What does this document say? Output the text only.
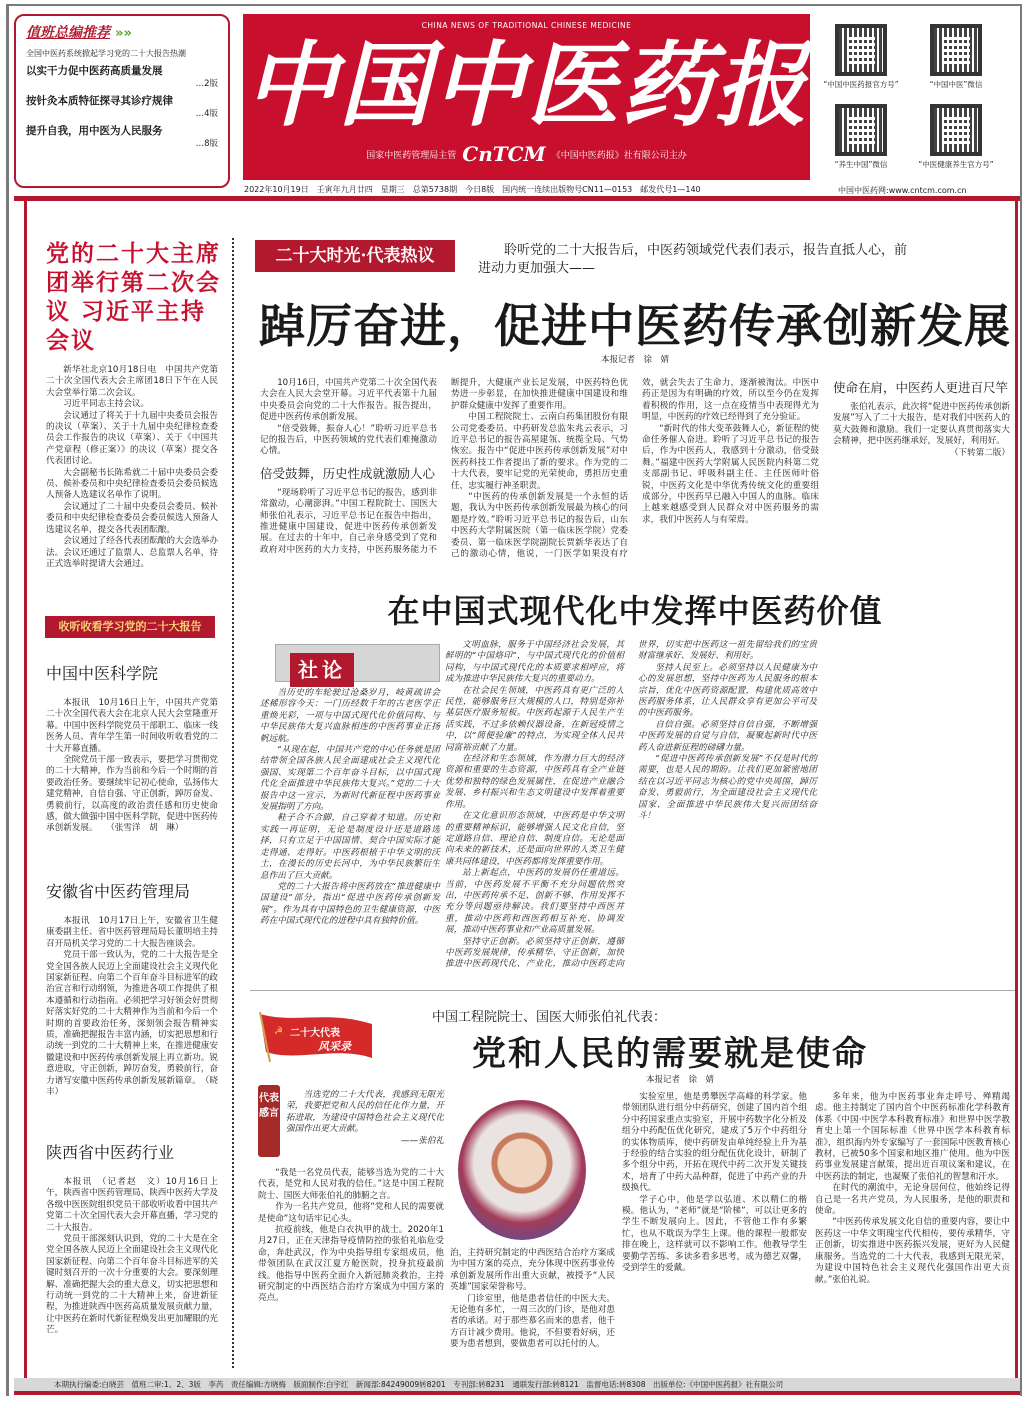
值班总编推荐 »»
全国中医药系统掀起学习党的二十大报告热潮
以实干力促中医药高质量发展
…2版
按针灸本质特征探寻其诊疗规律
…4版
提升自我，用中医为人民服务
…8版
CHINA NEWS OF TRADITIONAL CHINESE MEDICINE
中国中医药报
国家中医药管理局主管 CnTCM 《中国中医药报》社有限公司主办
“中国中医药报官方号”	“中国中医”微信
“养生中国”微信	“中医健康养生官方号”
2022年10月19日　壬寅年九月廿四　星期三　总第5738期　今日8版　国内统一连续出版物号CN11—0153　邮发代号1—140	中国中医药网:www.cntcm.com.cn
党的二十大主席团举行第二次会议 习近平主持会议

新华社北京10月18日电　中国共产党第二十次全国代表大会主席团18日下午在人民大会堂举行第二次会议。

习近平同志主持会议。

会议通过了将关于十九届中央委员会报告的决议（草案）、关于十九届中央纪律检查委员会工作报告的决议（草案）、关于《中国共产党章程（修正案）》的决议（草案）提交各代表团讨论。

大会副秘书长陈希就二十届中央委员会委员、候补委员和中央纪律检查委员会委员候选人预备人选建议名单作了说明。

会议通过了二十届中央委员会委员、候补委员和中央纪律检查委员会委员候选人预备人选建议名单，提交各代表团酝酿。

会议通过了经各代表团酝酿的大会选举办法。会议还通过了监票人、总监票人名单，待正式选举时提请大会通过。

收听收看学习党的二十大报告
中国中医科学院

本报讯　10月16日上午，中国共产党第二十次全国代表大会在北京人民大会堂隆重开幕。中国中医科学院党员干部职工、临床一线医务人员、青年学生第一时间收听收看党的二十大开幕直播。

全院党员干部一致表示，要把学习贯彻党的二十大精神，作为当前和今后一个时期的首要政治任务。要继续牢记初心使命，弘扬伟大建党精神，自信自强、守正创新，踔厉奋发、勇毅前行，以高度的政治责任感和历史使命感，做大做强中国中医科学院，促进中医药传承创新发展。　　（张雪洋　胡　琳）

安徽省中医药管理局

本报讯　10月17日上午，安徽省卫生健康委副主任、省中医药管理局局长董明培主持召开局机关学习党的二十大报告座谈会。

党员干部一致认为，党的二十大报告是全党全国各族人民迈上全面建设社会主义现代化国家新征程、向第二个百年奋斗目标进军的政治宣言和行动纲领，为推进各项工作提供了根本遵循和行动指南。必须把学习好领会好贯彻好落实好党的二十大精神作为当前和今后一个时期的首要政治任务，深刻领会报告精神实质，准确把握报告丰富内涵，切实把思想和行动统一到党的二十大精神上来，在推进健康安徽建设和中医药传承创新发展上再立新功。锐意进取，守正创新，踔厉奋发，勇毅前行，奋力谱写安徽中医药传承创新发展新篇章。　（晓　丰）

陕西省中医药行业

本报讯　（记者赵　文）10月16日上午，陕西省中医药管理局、陕西中医药大学及各级中医医院组织党员干部收听收看中国共产党第二十次全国代表大会开幕直播，学习党的二十大报告。

党员干部深刻认识到，党的二十大是在全党全国各族人民迈上全面建设社会主义现代化国家新征程、向第二个百年奋斗目标进军的关键时刻召开的一次十分重要的大会。要深刻理解、准确把握大会的重大意义，切实把思想和行动统一到党的二十大精神上来，奋进新征程，为推进陕西中医药高质量发展贡献力量，让中医药在新时代新征程焕发出更加耀眼的光芒。

二十大时光·代表热议	聆听党的二十大报告后，中医药领域党代表们表示，报告直抵人心，前进动力更加强大——
踔厉奋进，促进中医药传承创新发展
本报记者　徐　婧

10月16日，中国共产党第二十次全国代表大会在人民大会堂开幕。习近平代表第十九届中央委员会向党的二十大作报告。报告提出，促进中医药传承创新发展。

“倍受鼓舞，振奋人心！”聆听习近平总书记的报告后，中医药领域的党代表们难掩激动心情。

倍受鼓舞，历史性成就激励人心

“现场聆听了习近平总书记的报告，感到非常激动，心潮澎湃。”中国工程院院士、国医大师张伯礼表示，习近平总书记在报告中指出，推进健康中国建设，促进中医药传承创新发展。在过去的十年中，自己亲身感受到了党和政府对中医药的大力支持，中医药服务能力不断提升，大健康产业长足发展，中医药特色优势进一步彰显，在加快推进健康中国建设和维护群众健康中发挥了重要作用。

中国工程院院士、云南白药集团股份有限公司党委委员、中药研发总监朱兆云表示，习近平总书记的报告高屋建瓴、统揽全局、气势恢宏。报告中“促进中医药传承创新发展”对中医药科技工作者提出了新的要求。作为党的二十大代表，要牢记党的光荣使命，勇担历史重任，忠实履行神圣职责。

“中医药的传承创新发展是一个永恒的话题，我认为中医药传承创新发展最为核心的问题是疗效。”聆听习近平总书记的报告后，山东中医药大学附属医院（第一临床医学院）党委委员、第一临床医学院副院长贾新华表达了自己的激动心情，他说，一门医学如果没有疗效，就会失去了生命力，逐渐被淘汰。中医中药正是因为有明确的疗效，所以至今仍在发挥着积极的作用，这一点在疫情当中表现得尤为明显，中医药的疗效已经得到了充分验证。

“新时代的伟大变革鼓舞人心，新征程的使命任务催人奋进。聆听了习近平总书记的报告后，作为中医药人，我感到十分激动，倍受鼓舞。”福建中医药大学附属人民医院内科第二党支部副书记、呼吸科副主任、主任医师叶俗锐，中医药文化是中华优秀传统文化的重要组成部分，中医药早已融入中国人的血脉。临床上越来越感受到人民群众对中医药服务的需求，我们中医药人与有荣焉。

使命在肩，中医药人更进百尺竿

张伯礼表示，此次将“促进中医药传承创新发展”写入了二十大报告，是对我们中医药人的莫大鼓舞和激励。我们一定要认真贯彻落实大会精神，把中医药继承好，发展好，利用好。

（下转第二版）

在中国式现代化中发挥中医药价值
社论

当历史的车轮驶过沧桑岁月，岐黄疏讲会述稀形容今天：一门历经数千年的古老医学正重焕光彩，一项与中国式现代化价值同构、与中华民族伟大复兴血脉相连的中医药事业正扬帆远航。

“从现在起，中国共产党的中心任务就是团结带领全国各族人民全面建成社会主义现代化强国、实现第二个百年奋斗目标，以中国式现代化全面推进中华民族伟大复兴。”党的二十大报告中这一宣示，为新时代新征程中医药事业发展指明了方向。

鞋子合不合脚，自己穿着才知道。历史和实践一再证明，无论是制度设计还是道路选择，只有立足于中国国情、契合中国实际才能走得通、走得好。中医药根植于中华文明的沃土，在漫长的历史长河中，为中华民族繁衍生息作出了巨大贡献。

党的二十大报告将中医药放在“推进健康中国建设”部分，指出“促进中医药传承创新发展”。作为具有中国特色的卫生健康资源，中医药在中国式现代化的进程中具有独特价值。

文明血脉，服务于中国经济社会发展，其鲜明的“中国烙印”，与中国式现代化的价值相同构，与中国式现代化的本质要求相呼应，将成为推进中华民族伟大复兴的重要动力。

在社会民生领域，中医药具有更广泛的人民性，能够服务巨大规模的人口，特别是弥补基层医疗服务短板。中医药起源于人民生产生活实践，不过多依赖仪器设备，在新冠疫情之中，以“简便验廉”的特点，为实现全体人民共同富裕贡献了力量。

在经济和生态领域，作为潜力巨大的经济资源和重要的生态资源，中医药具有全产业链优势和独特的绿色发展属性，在促进产业融合发展、乡村振兴和生态文明建设中发挥着重要作用。

在文化意识形态领域，中医药是中华文明的重要精神标识，能够增强人民文化自信，坚定道路自信、理论自信、制度自信。无论是面向未来的新技术，还是面向世界的人类卫生健康共同体建设，中医药都将发挥重要作用。

站上新起点，中医药的发展仍任重道远。当前，中医药发展不平衡不充分问题依然突出，中医药传承不足、创新不够、作用发挥不充分等问题亟待解决。我们要坚持中西医并重，推动中医药和西医药相互补充、协调发展，推动中医药事业和产业高质量发展。

坚持守正创新。必须坚持守正创新，遵循中医药发展规律，传承精华、守正创新，加快推进中医药现代化、产业化，推动中医药走向世界，切实把中医药这一祖先留给我们的宝贵财富继承好、发展好、利用好。

坚持人民至上。必须坚持以人民健康为中心的发展思想，坚持中医药为人民服务的根本宗旨，优化中医药资源配置，构建优质高效中医药服务体系，让人民群众享有更加公平可及的中医药服务。

自信自强。必须坚持自信自强，不断增强中医药发展的自觉与自信，凝聚起新时代中医药人奋进新征程的磅礴力量。

“促进中医药传承创新发展”不仅是时代的需要，也是人民的期盼。让我们更加紧密地团结在以习近平同志为核心的党中央周围，踔厉奋发、勇毅前行，为全面建设社会主义现代化国家、全面推进中华民族伟大复兴而团结奋斗！

☭ 二十大代表
风采录
中国工程院院士、国医大师张伯礼代表：
党和人民的需要就是使命
本报记者　徐　婧
代表感言

当选党的二十大代表，我感到无限光荣，我要把党和人民的信任化作力量，开拓进取，为建设中国特色社会主义现代化强国作出更大贡献。

——张伯礼

“我是一名党员代表，能够当选为党的二十大代表，是党和人民对我的信任。”这是中国工程院院士、国医大师张伯礼的肺腑之言。

作为一名共产党员，他将“党和人民的需要就是使命”这句话牢记心头。

抗疫前线，他是白衣执甲的战士。2020年1月27日，正在天津指导疫情防控的张伯礼临危受命，奔赴武汉，作为中央指导组专家组成员，他带领团队在武汉江夏方舱医院，投身抗疫最前线。他指导中医药全面介入新冠肺炎救治，主持研究制定的中西医结合治疗方案成为中国方案的亮点。

治，主持研究制定的中西医结合治疗方案成为中国方案的亮点，充分体现中医药事业传承创新发展所作出重大贡献，被授予“人民英雄”国家荣誉称号。

门诊室里，他是患者信任的中医大夫。无论他有多忙，一周三次的门诊，是他对患者的承诺。对于那些慕名而来的患者，他千方百计减少费用。他说，不但要看好病，还要为患者想到，要做患者可以托付的人。

实验室里，他是勇攀医学高峰的科学家。他带领团队进行组分中药研究，创建了国内首个组分中药国家重点实验室，开展中药数字化分析及组分中药配伍优化研究，建成了5万个中药组分的实体物质库，使中药研发由单纯经验上升为基于经验的结合实验的组分配伍优化设计，研制了多个组分中药，开拓在现代中药二次开发关键技术，培育了中药大品种群，促进了中药产业的升级换代。

学子心中，他是学以弘道、术以精仁的楷模。他认为，“老师”就是“阶梯”，可以让更多的学生不断发展向上。因此，不管他工作有多繁忙，也从不耽误为学生上课。他的课程一般都安排在晚上，这样就可以不影响工作。他教导学生要勤学苦练、多读多看多思考，成为德艺双馨，受到学生的爱戴。

多年来，他为中医药事业奔走呼号、殚精竭虑。他主持制定了国内首个中医药标准化学科教育体系《中国·中医学本科教育标准》和世界中医学教育史上第一个国际标准《世界中医学本科教育标准》，组织海内外专家编写了一套国际中医教育核心教材，已被50多个国家和地区推广使用。他为中医药事业发展建言献策，提出近百项议案和建议，在中医药法的制定，也凝聚了张伯礼的智慧和汗水。

在时代的潮流中，无论身居何位，他始终记得自己是一名共产党员，为人民服务，是他的职责和使命。

“中医药传承发展文化自信的重要内容，要让中医药这一中华文明瑰宝代代相传，要传承精华，守正创新，切实推进中医药振兴发展，更好为人民健康服务。当选党的二十大代表，我感到无限光荣，为建设中国特色社会主义现代化强国作出更大贡献。”张伯礼说。

本期执行编委:白晓芸　值班二审:1、2、3版　李芮　责任编辑:方晓梅　版面制作:白宇红　新闻部:84249009转8201　专刊部:转8231　通联发行部:转8121　监督电话:转8308　出版单位:《中国中医药报》社有限公司
